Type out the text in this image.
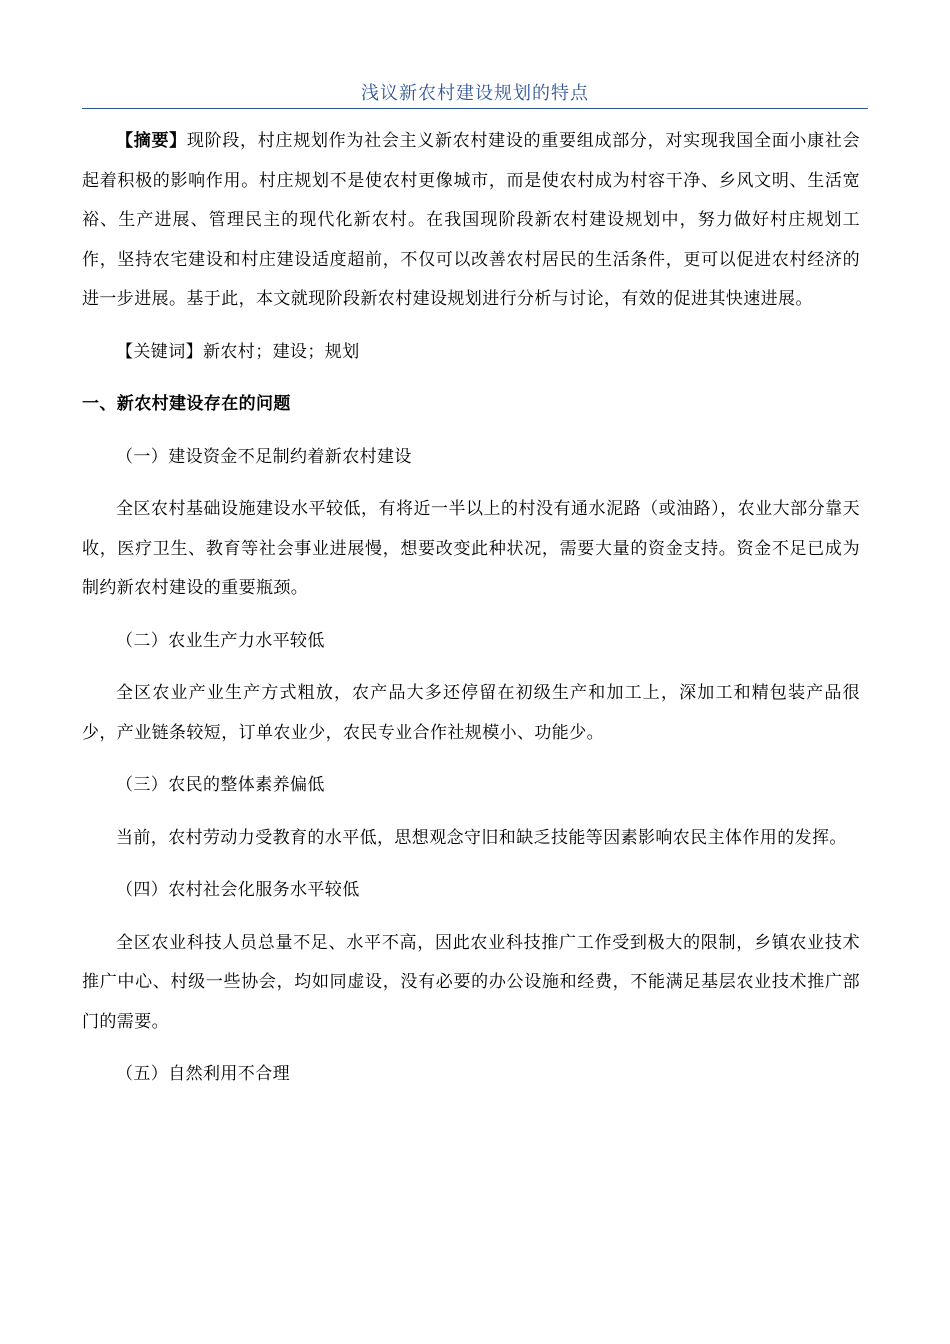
浅议新农村建设规划的特点

【摘要】现阶段，村庄规划作为社会主义新农村建设的重要组成部分，对实现我国全面小康社会起着积极的影响作用。村庄规划不是使农村更像城市，而是使农村成为村容干净、乡风文明、生活宽裕、生产进展、管理民主的现代化新农村。在我国现阶段新农村建设规划中，努力做好村庄规划工作，坚持农宅建设和村庄建设适度超前，不仅可以改善农村居民的生活条件，更可以促进农村经济的进一步进展。基于此，本文就现阶段新农村建设规划进行分析与讨论，有效的促进其快速进展。

【关键词】新农村；建设；规划

一、新农村建设存在的问题

（一）建设资金不足制约着新农村建设

全区农村基础设施建设水平较低，有将近一半以上的村没有通水泥路（或油路），农业大部分靠天收，医疗卫生、教育等社会事业进展慢，想要改变此种状况，需要大量的资金支持。资金不足已成为制约新农村建设的重要瓶颈。

（二）农业生产力水平较低

全区农业产业生产方式粗放，农产品大多还停留在初级生产和加工上，深加工和精包装产品很少，产业链条较短，订单农业少，农民专业合作社规模小、功能少。

（三）农民的整体素养偏低

当前，农村劳动力受教育的水平低，思想观念守旧和缺乏技能等因素影响农民主体作用的发挥。

（四）农村社会化服务水平较低

全区农业科技人员总量不足、水平不高，因此农业科技推广工作受到极大的限制，乡镇农业技术推广中心、村级一些协会，均如同虚设，没有必要的办公设施和经费，不能满足基层农业技术推广部门的需要。

（五）自然利用不合理
